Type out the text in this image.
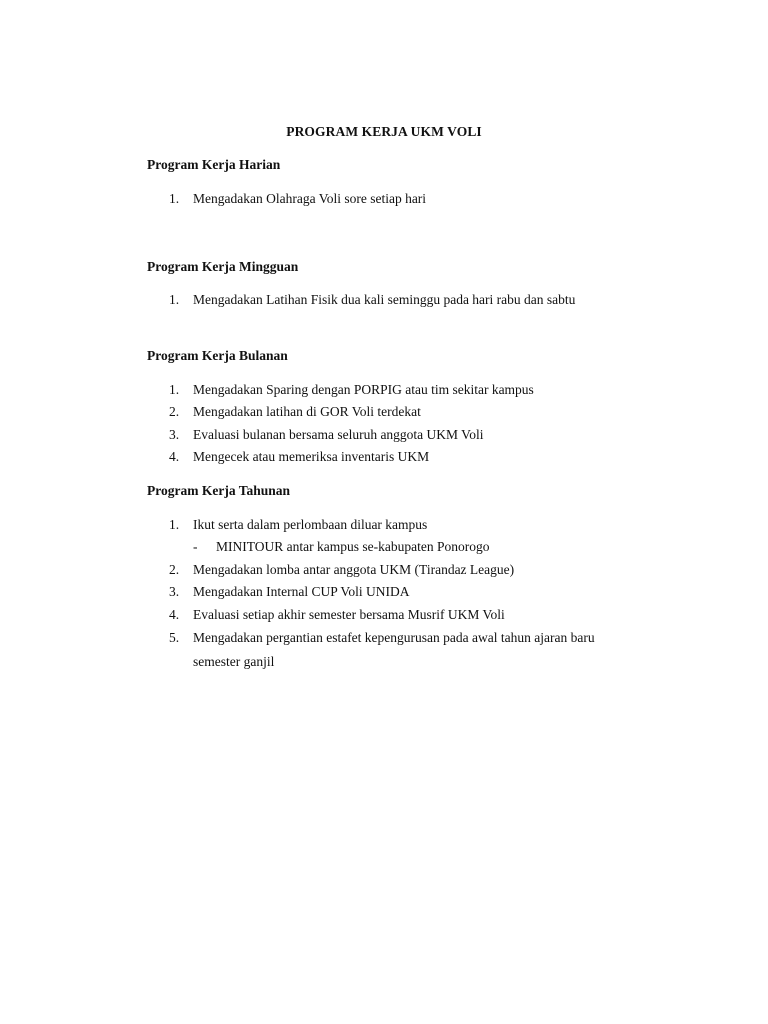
PROGRAM KERJA UKM VOLI
Program Kerja Harian
1. Mengadakan Olahraga Voli sore setiap hari
Program Kerja Mingguan
1. Mengadakan Latihan Fisik dua kali seminggu pada hari rabu dan sabtu
Program Kerja Bulanan
1. Mengadakan Sparing dengan PORPIG atau tim sekitar kampus
2. Mengadakan latihan di GOR Voli terdekat
3. Evaluasi bulanan bersama seluruh anggota UKM Voli
4. Mengecek atau memeriksa inventaris UKM
Program Kerja Tahunan
1. Ikut serta dalam perlombaan diluar kampus
- MINITOUR antar kampus se-kabupaten Ponorogo
2. Mengadakan lomba antar anggota UKM (Tirandaz League)
3. Mengadakan Internal CUP Voli UNIDA
4. Evaluasi setiap akhir semester bersama Musrif UKM Voli
5. Mengadakan pergantian estafet kepengurusan pada awal tahun ajaran baru
semester ganjil
